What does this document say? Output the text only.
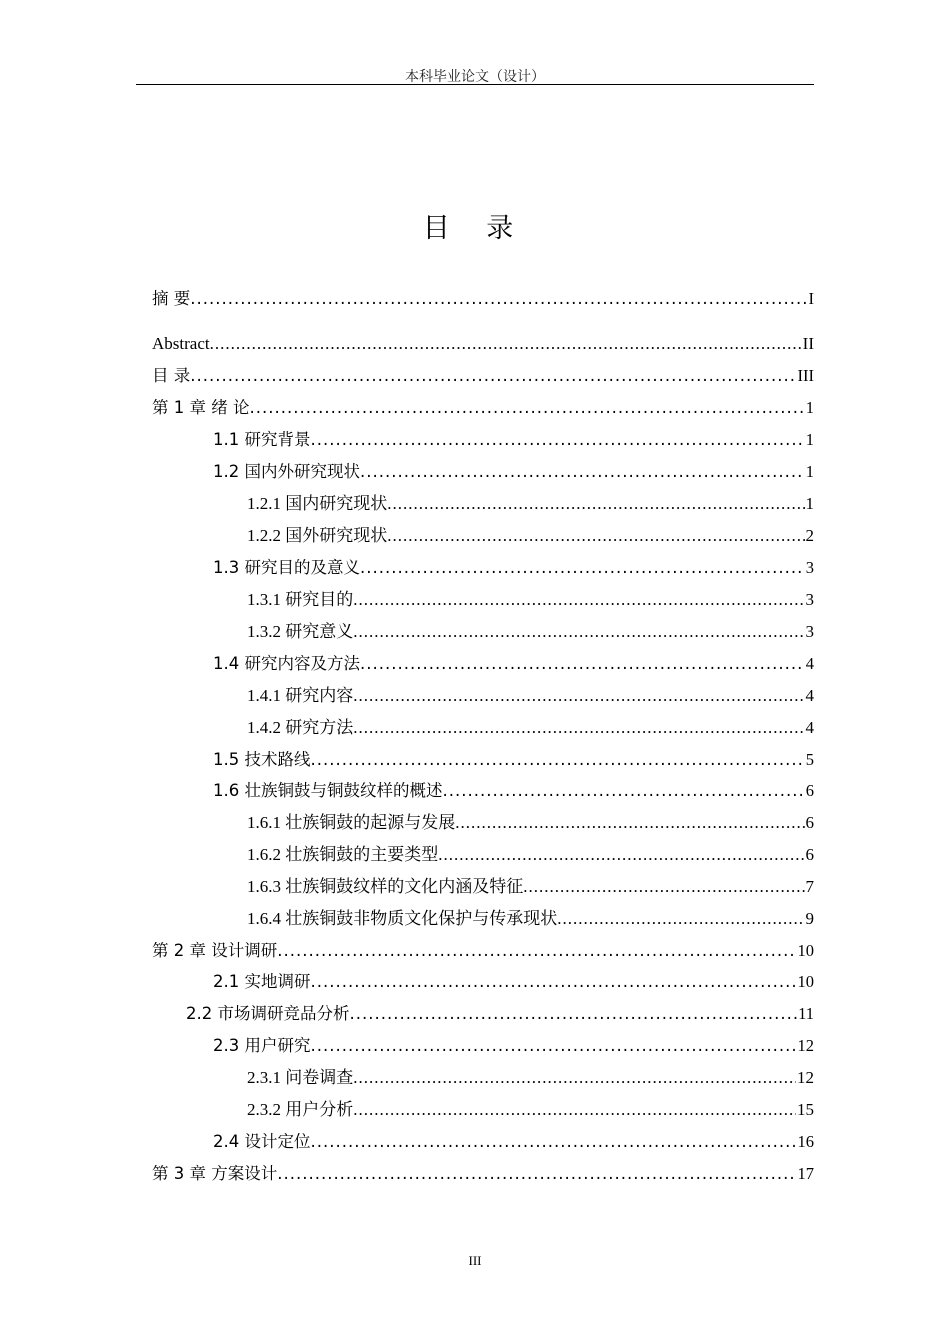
本科毕业论文（设计）
目 录
摘 要 .....	I
Abstract .....	II
目 录 .....	III
第 1 章 绪 论 .....	1
1.1 研究背景 .....	1
1.2 国内外研究现状 .....	1
1.2.1 国内研究现状 .....	1
1.2.2 国外研究现状 .....	2
1.3 研究目的及意义 .....	3
1.3.1 研究目的 .....	3
1.3.2 研究意义 .....	3
1.4 研究内容及方法 .....	4
1.4.1 研究内容 .....	4
1.4.2 研究方法 .....	4
1.5 技术路线 .....	5
1.6 壮族铜鼓与铜鼓纹样的概述 .....	6
1.6.1 壮族铜鼓的起源与发展 .....	6
1.6.2 壮族铜鼓的主要类型 .....	6
1.6.3 壮族铜鼓纹样的文化内涵及特征 .....	7
1.6.4 壮族铜鼓非物质文化保护与传承现状 .....	9
第 2 章 设计调研 .....	10
2.1 实地调研 .....	10
2.2 市场调研竞品分析 .....	11
2.3 用户研究 .....	12
2.3.1 问卷调查 .....	12
2.3.2 用户分析 .....	15
2.4 设计定位 .....	16
第 3 章 方案设计 .....	17
III
